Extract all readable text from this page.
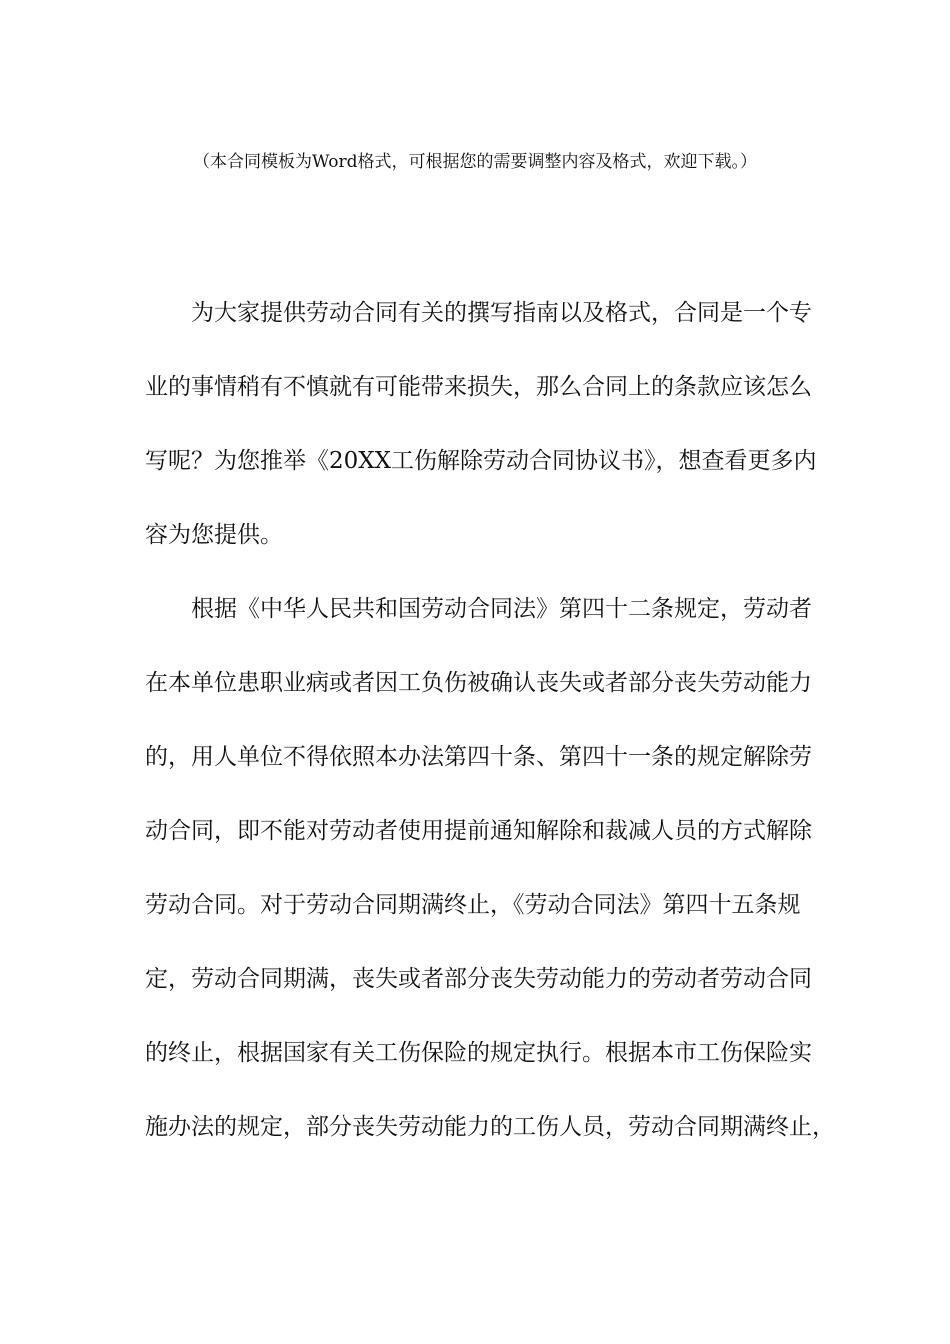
（本合同模板为Word格式，可根据您的需要调整内容及格式，欢迎下载。）
为大家提供劳动合同有关的撰写指南以及格式，合同是一个专
业的事情稍有不慎就有可能带来损失，那么合同上的条款应该怎么
写呢？为您推举《20XX工伤解除劳动合同协议书》，想查看更多内
容为您提供。
根据《中华人民共和国劳动合同法》第四十二条规定，劳动者
在本单位患职业病或者因工负伤被确认丧失或者部分丧失劳动能力
的，用人单位不得依照本办法第四十条、第四十一条的规定解除劳
动合同，即不能对劳动者使用提前通知解除和裁减人员的方式解除
劳动合同。对于劳动合同期满终止，《劳动合同法》第四十五条规
定，劳动合同期满，丧失或者部分丧失劳动能力的劳动者劳动合同
的终止，根据国家有关工伤保险的规定执行。根据本市工伤保险实
施办法的规定，部分丧失劳动能力的工伤人员，劳动合同期满终止，
